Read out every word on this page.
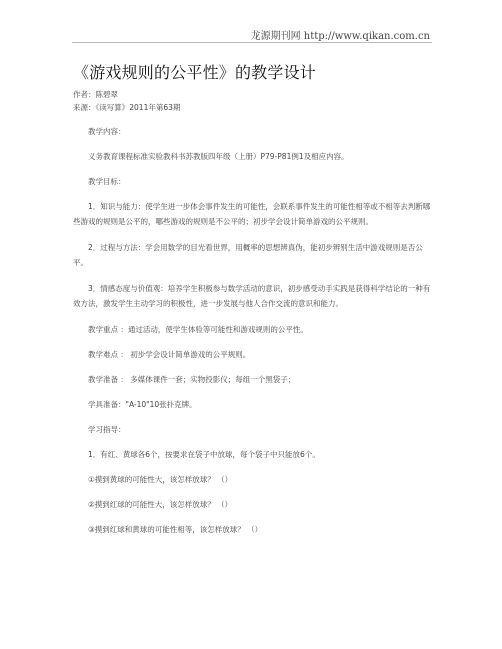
龙源期刊网 http://www.qikan.com.cn
《游戏规则的公平性》的教学设计
作者：陈碧翠
来源：《读写算》2011年第63期

教学内容：

义务教育课程标准实验教科书苏教版四年级（上册）P79-P81例1及相应内容。

教学目标：

1．知识与能力：使学生进一步体会事件发生的可能性，会联系事件发生的可能性相等或不相等去判断哪些游戏的规则是公平的，哪些游戏的规则是不公平的；初步学会设计简单游戏的公平规则。

2．过程与方法：学会用数学的目光看世界，用概率的思想辨真伪，能初步辨别生活中游戏规则是否公平。

3．情感态度与价值观：培养学生积极参与数学活动的意识，初步感受动手实践是获得科学结论的一种有效方法，激发学生主动学习的积极性，进一步发展与他人合作交流的意识和能力。

教学重点 ：通过活动，使学生体验等可能性和游戏规则的公平性。

教学难点 ： 初步学会设计简单游戏的公平规则。

教学准备 ： 多媒体课件一套；实物投影仪；每组一个黑袋子；

学具准备："A-10"10张扑克牌。

学习指导：

1．有红、黄球各6个，按要求在袋子中放球，每个袋子中只能放6个。

①摸到黄球的可能性大，该怎样放球？ （）

②摸到红球的可能性大，该怎样放球？ （）

③摸到红球和黄球的可能性相等，该怎样放球？ （）
